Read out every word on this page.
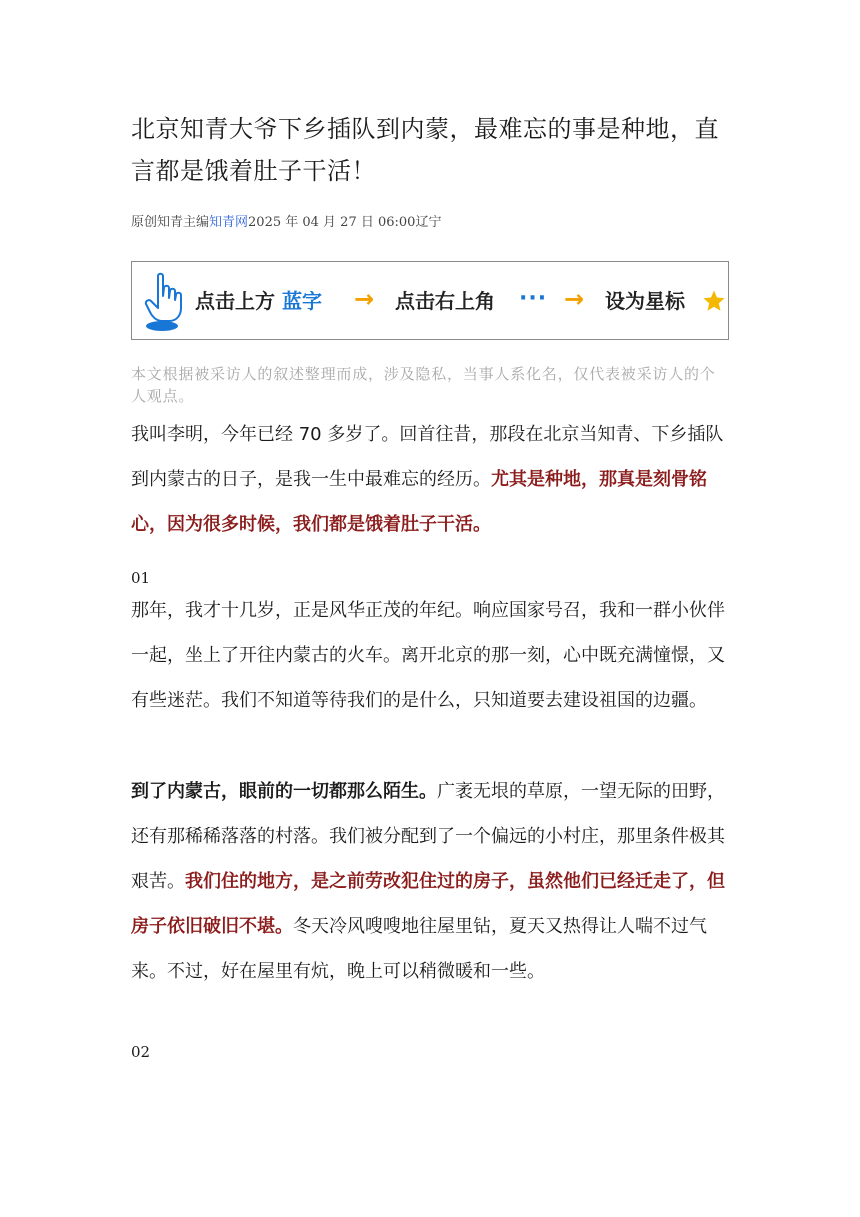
北京知青大爷下乡插队到内蒙，最难忘的事是种地，直言都是饿着肚子干活！
原创知青主编知青网2025 年 04 月 27 日 06:00辽宁
点击上方 蓝字 → 点击右上角 ··· → 设为星标
本文根据被采访人的叙述整理而成，涉及隐私，当事人系化名，仅代表被采访人的个人观点。

我叫李明，今年已经 70 多岁了。回首往昔，那段在北京当知青、下乡插队到内蒙古的日子，是我一生中最难忘的经历。尤其是种地，那真是刻骨铭心，因为很多时候，我们都是饿着肚子干活。

01

那年，我才十几岁，正是风华正茂的年纪。响应国家号召，我和一群小伙伴一起，坐上了开往内蒙古的火车。离开北京的那一刻，心中既充满憧憬，又有些迷茫。我们不知道等待我们的是什么，只知道要去建设祖国的边疆。

到了内蒙古，眼前的一切都那么陌生。广袤无垠的草原，一望无际的田野，还有那稀稀落落的村落。我们被分配到了一个偏远的小村庄，那里条件极其艰苦。我们住的地方，是之前劳改犯住过的房子，虽然他们已经迁走了，但房子依旧破旧不堪。冬天冷风嗖嗖地往屋里钻，夏天又热得让人喘不过气来。不过，好在屋里有炕，晚上可以稍微暖和一些。

02
